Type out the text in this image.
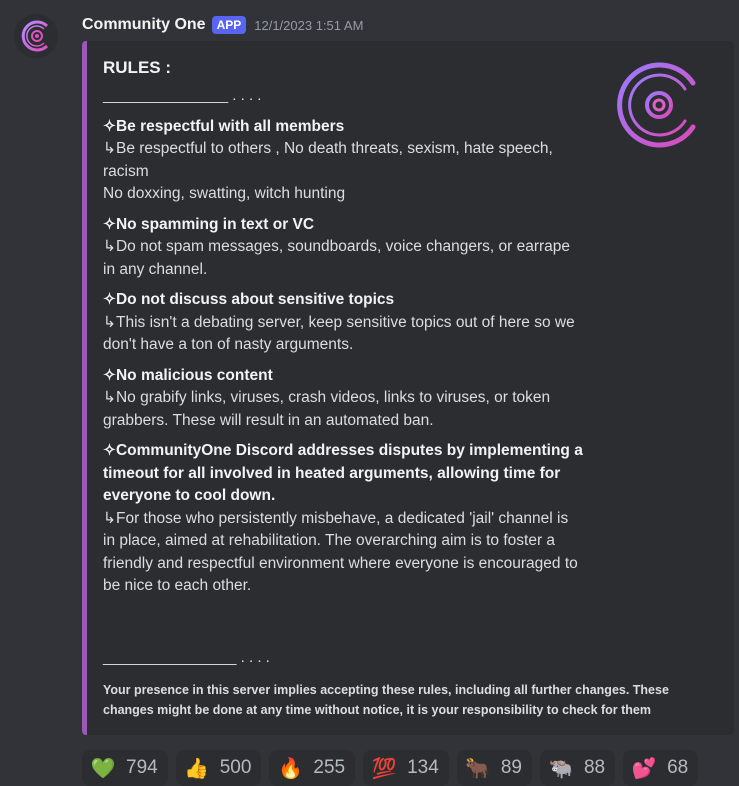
Community One APP	12/1/2023 1:51 AM
RULES :
_______________ . . . .
✧Be respectful with all members
↳Be respectful to others , No death threats, sexism, hate speech, racism
No doxxing, swatting, witch hunting
✧No spamming in text or VC
↳Do not spam messages, soundboards, voice changers, or earrape in any channel.
✧Do not discuss about sensitive topics
↳This isn't a debating server, keep sensitive topics out of here so we don't have a ton of nasty arguments.
✧No malicious content
↳No grabify links, viruses, crash videos, links to viruses, or token grabbers. These will result in an automated ban.
✧CommunityOne Discord addresses disputes by implementing a timeout for all involved in heated arguments, allowing time for everyone to cool down.
↳For those who persistently misbehave, a dedicated 'jail' channel is in place, aimed at rehabilitation. The overarching aim is to foster a friendly and respectful environment where everyone is encouraged to be nice to each other.
________________ . . . .
Your presence in this server implies accepting these rules, including all further changes. These changes might be done at any time without notice, it is your responsibility to check for them
💚 794 👍 500 🔥 255 💯 134 🐂 89 🐃 88 💕 68
